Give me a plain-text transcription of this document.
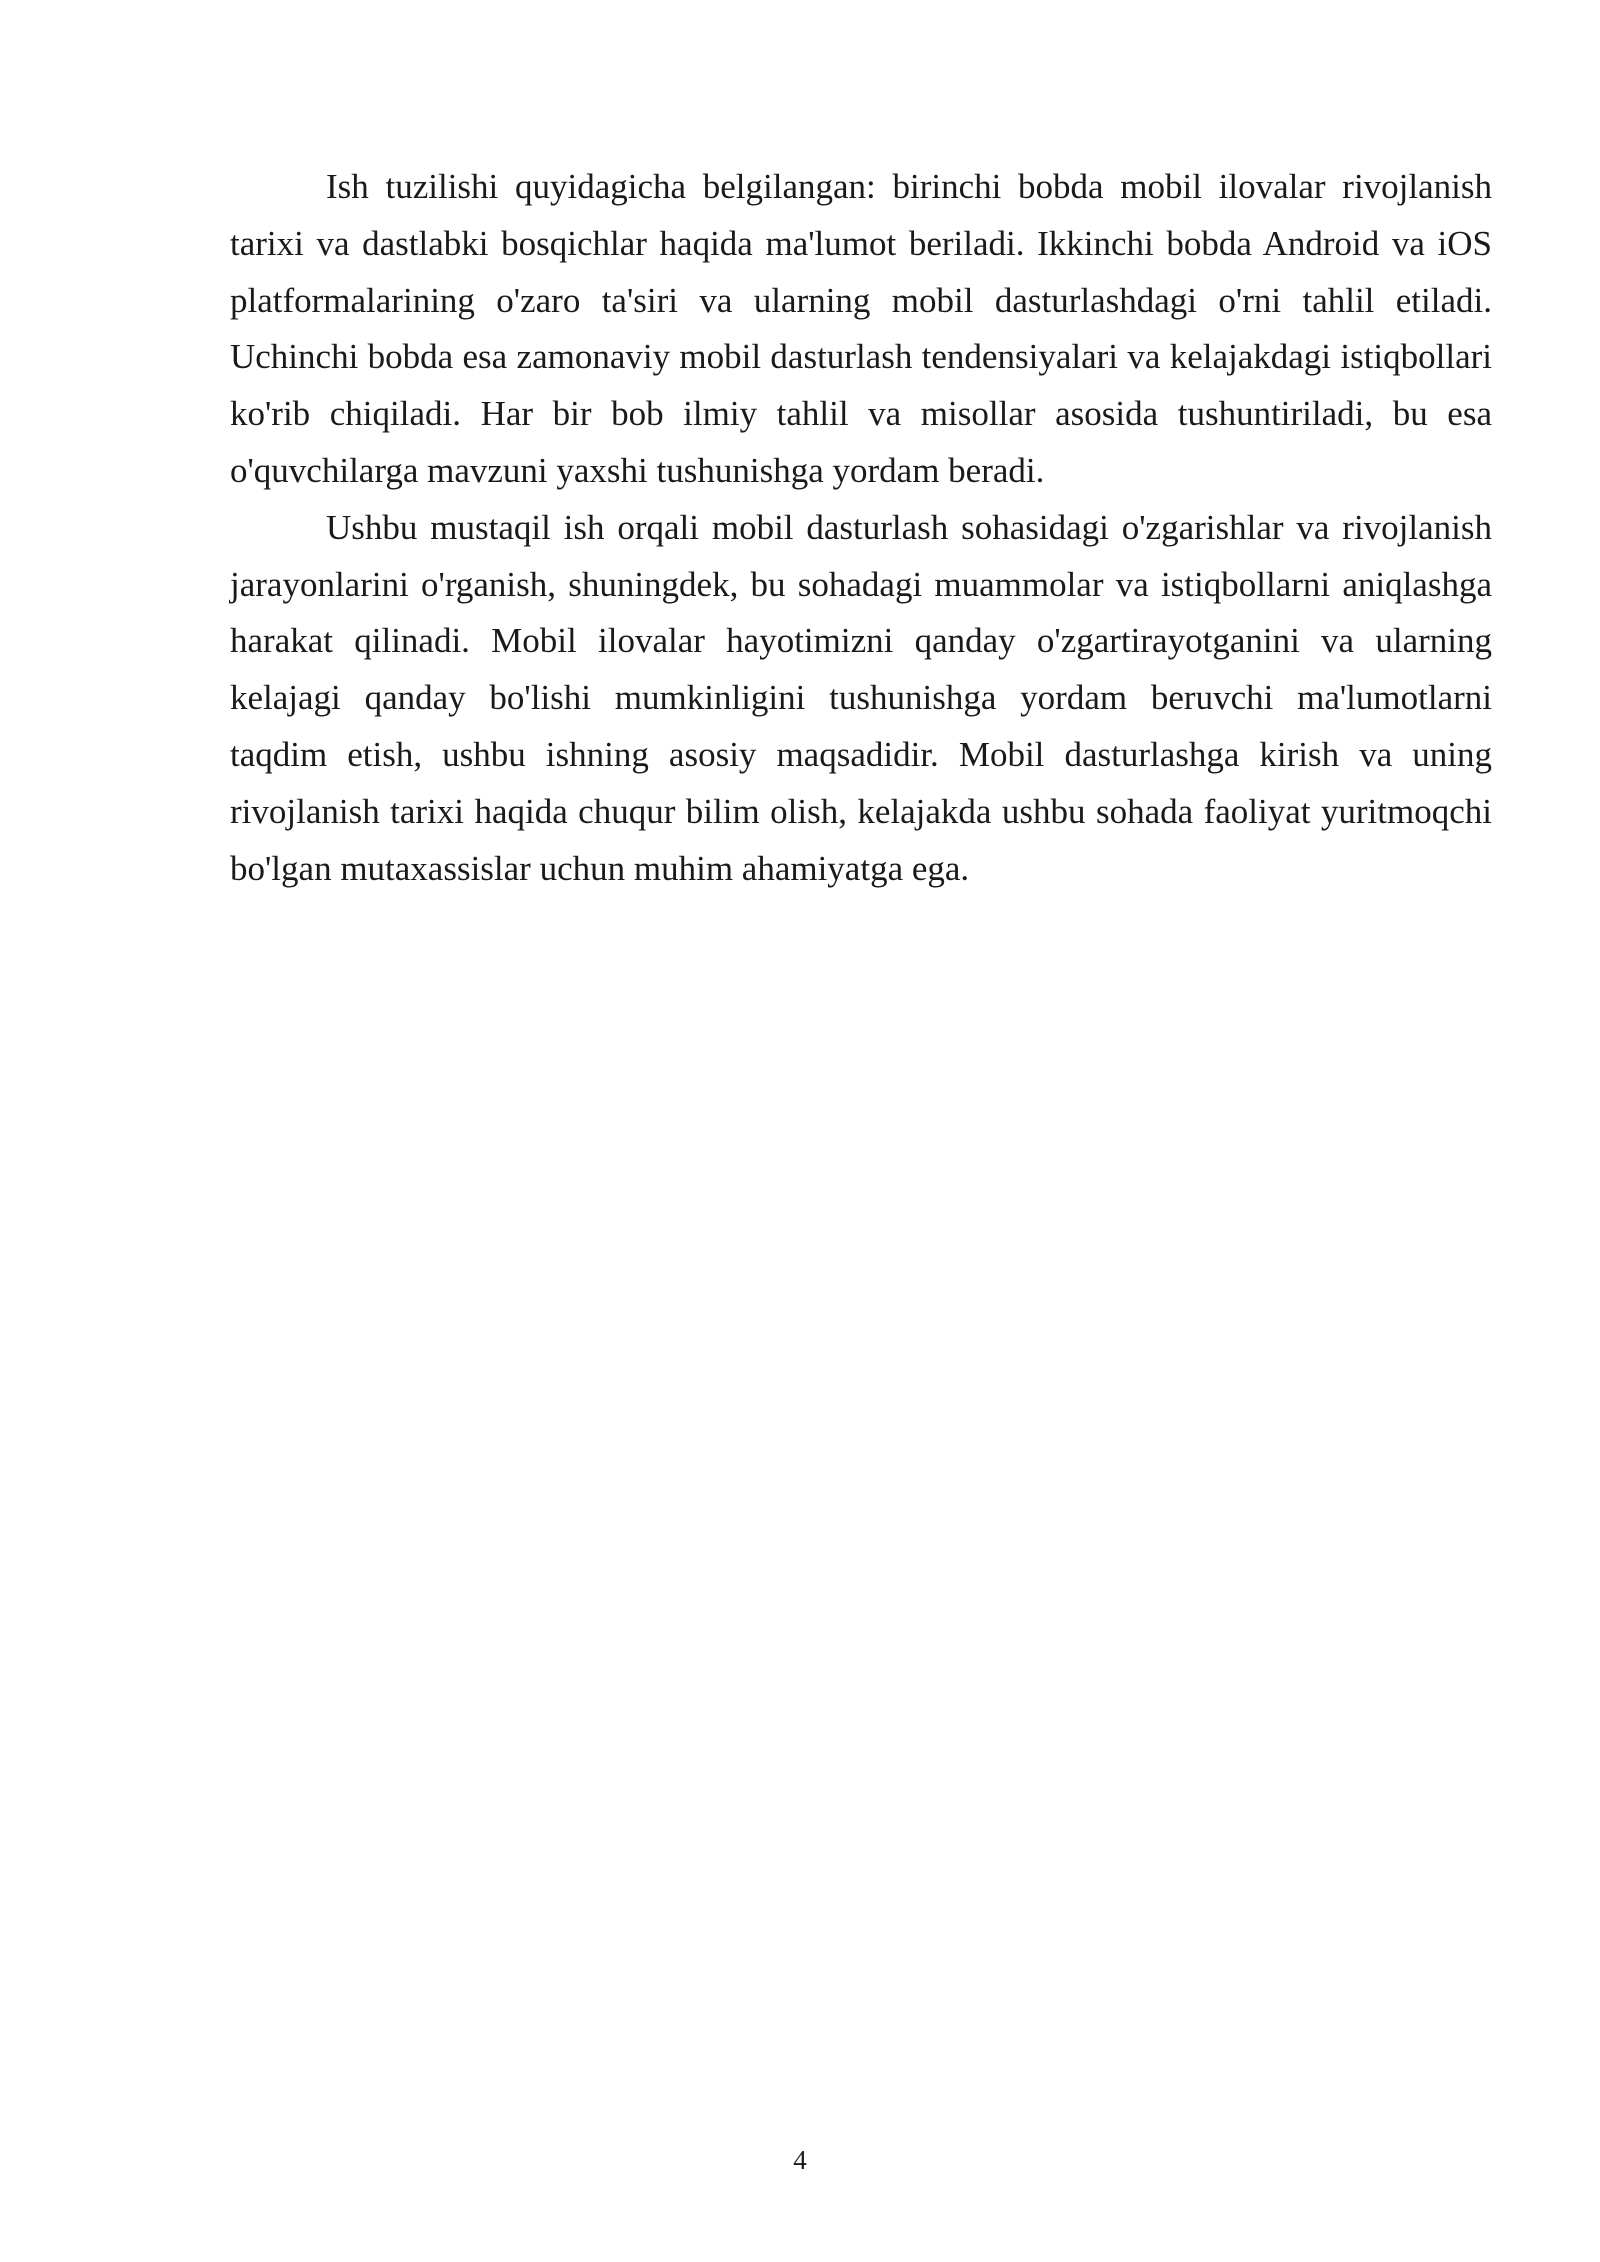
Ish tuzilishi quyidagicha belgilangan: birinchi bobda mobil ilovalar rivojlanish tarixi va dastlabki bosqichlar haqida ma'lumot beriladi. Ikkinchi bobda Android va iOS platformalarining o'zaro ta'siri va ularning mobil dasturlashdagi o'rni tahlil etiladi. Uchinchi bobda esa zamonaviy mobil dasturlash tendensiyalari va kelajakdagi istiqbollari ko'rib chiqiladi. Har bir bob ilmiy tahlil va misollar asosida tushuntiriladi, bu esa o'quvchilarga mavzuni yaxshi tushunishga yordam beradi.

Ushbu mustaqil ish orqali mobil dasturlash sohasidagi o'zgarishlar va rivojlanish jarayonlarini o'rganish, shuningdek, bu sohadagi muammolar va istiqbollarni aniqlashga harakat qilinadi. Mobil ilovalar hayotimizni qanday o'zgartirayotganini va ularning kelajagi qanday bo'lishi mumkinligini tushunishga yordam beruvchi ma'lumotlarni taqdim etish, ushbu ishning asosiy maqsadidir. Mobil dasturlashga kirish va uning rivojlanish tarixi haqida chuqur bilim olish, kelajakda ushbu sohada faoliyat yuritmoqchi bo'lgan mutaxassislar uchun muhim ahamiyatga ega.

4
